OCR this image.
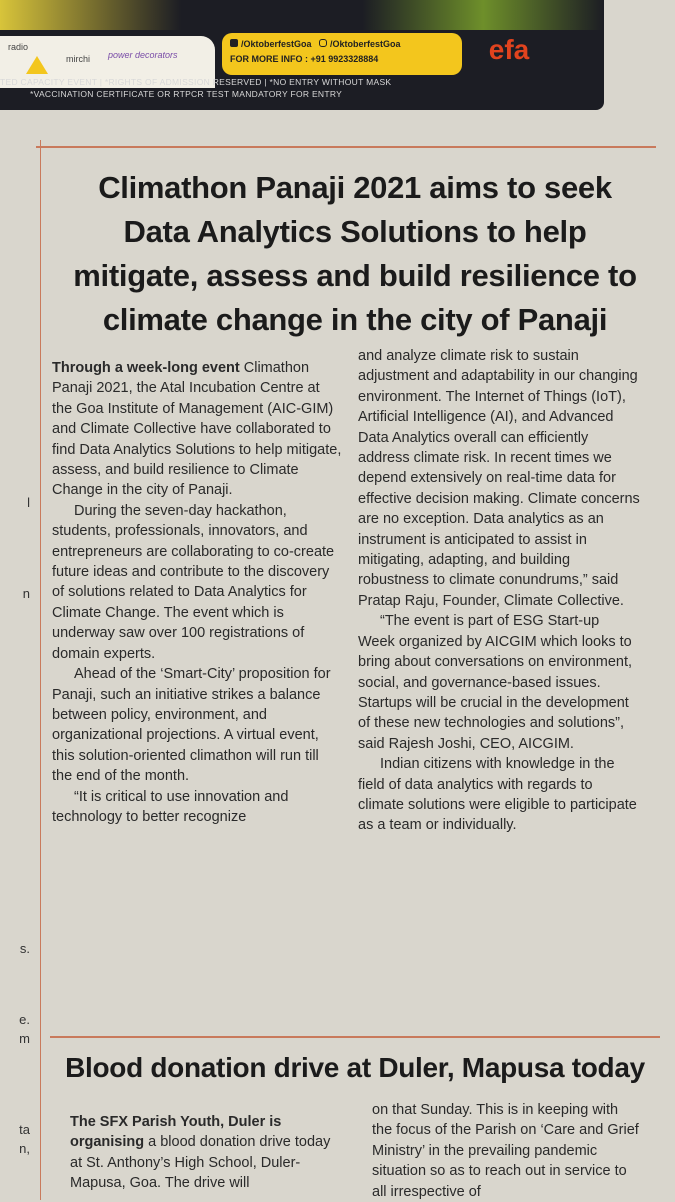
radio
mirchi power decorators
/OktoberfestGoa /OktoberfestGoa
FOR MORE INFO : +91 9923328884	efa
TED CAPACITY EVENT | *RIGHTS OF ADMISSION RESERVED | *NO ENTRY WITHOUT MASK
*VACCINATION CERTIFICATE OR RTPCR TEST MANDATORY FOR ENTRY
l
n
s.
e.
m
ta
n,
Climathon Panaji 2021 aims to seek
Data Analytics Solutions to help
mitigate, assess and build resilience to
climate change in the city of Panaji

Through a week-long event Climathon Panaji 2021, the Atal Incubation Centre at the Goa Institute of Management (AIC-GIM) and Climate Collective have collaborated to find Data Analytics Solutions to help mitigate, assess, and build resilience to Climate Change in the city of Panaji.

During the seven-day hackathon, students, professionals, innovators, and entrepreneurs are collaborating to co-create future ideas and contribute to the discovery of solutions related to Data Analytics for Climate Change. The event which is underway saw over 100 registrations of domain experts.

Ahead of the ‘Smart-City’ proposition for Panaji, such an initiative strikes a balance between policy, environment, and organizational projections. A virtual event, this solution-oriented climathon will run till the end of the month.

“It is critical to use innovation and technology to better recognize

and analyze climate risk to sustain adjustment and adaptability in our changing environment. The Internet of Things (IoT), Artificial Intelligence (AI), and Advanced Data Analytics overall can efficiently address climate risk. In recent times we depend extensively on real-time data for effective decision making. Climate concerns are no exception. Data analytics as an instrument is anticipated to assist in mitigating, adapting, and building robustness to climate conundrums,” said Pratap Raju, Founder, Climate Collective.

“The event is part of ESG Start-up Week organized by AICGIM which looks to bring about conversations on environment, social, and governance-based issues. Startups will be crucial in the development of these new technologies and solutions”, said Rajesh Joshi, CEO, AICGIM.

Indian citizens with knowledge in the field of data analytics with regards to climate solutions were eligible to participate as a team or individually.

Blood donation drive at Duler, Mapusa today

The SFX Parish Youth, Duler is organising a blood donation drive today at St. Anthony’s High School, Duler-Mapusa, Goa. The drive will

on that Sunday. This is in keeping with the focus of the Parish on ‘Care and Grief Ministry’ in the prevailing pandemic situation so as to reach out in service to all irrespective of
